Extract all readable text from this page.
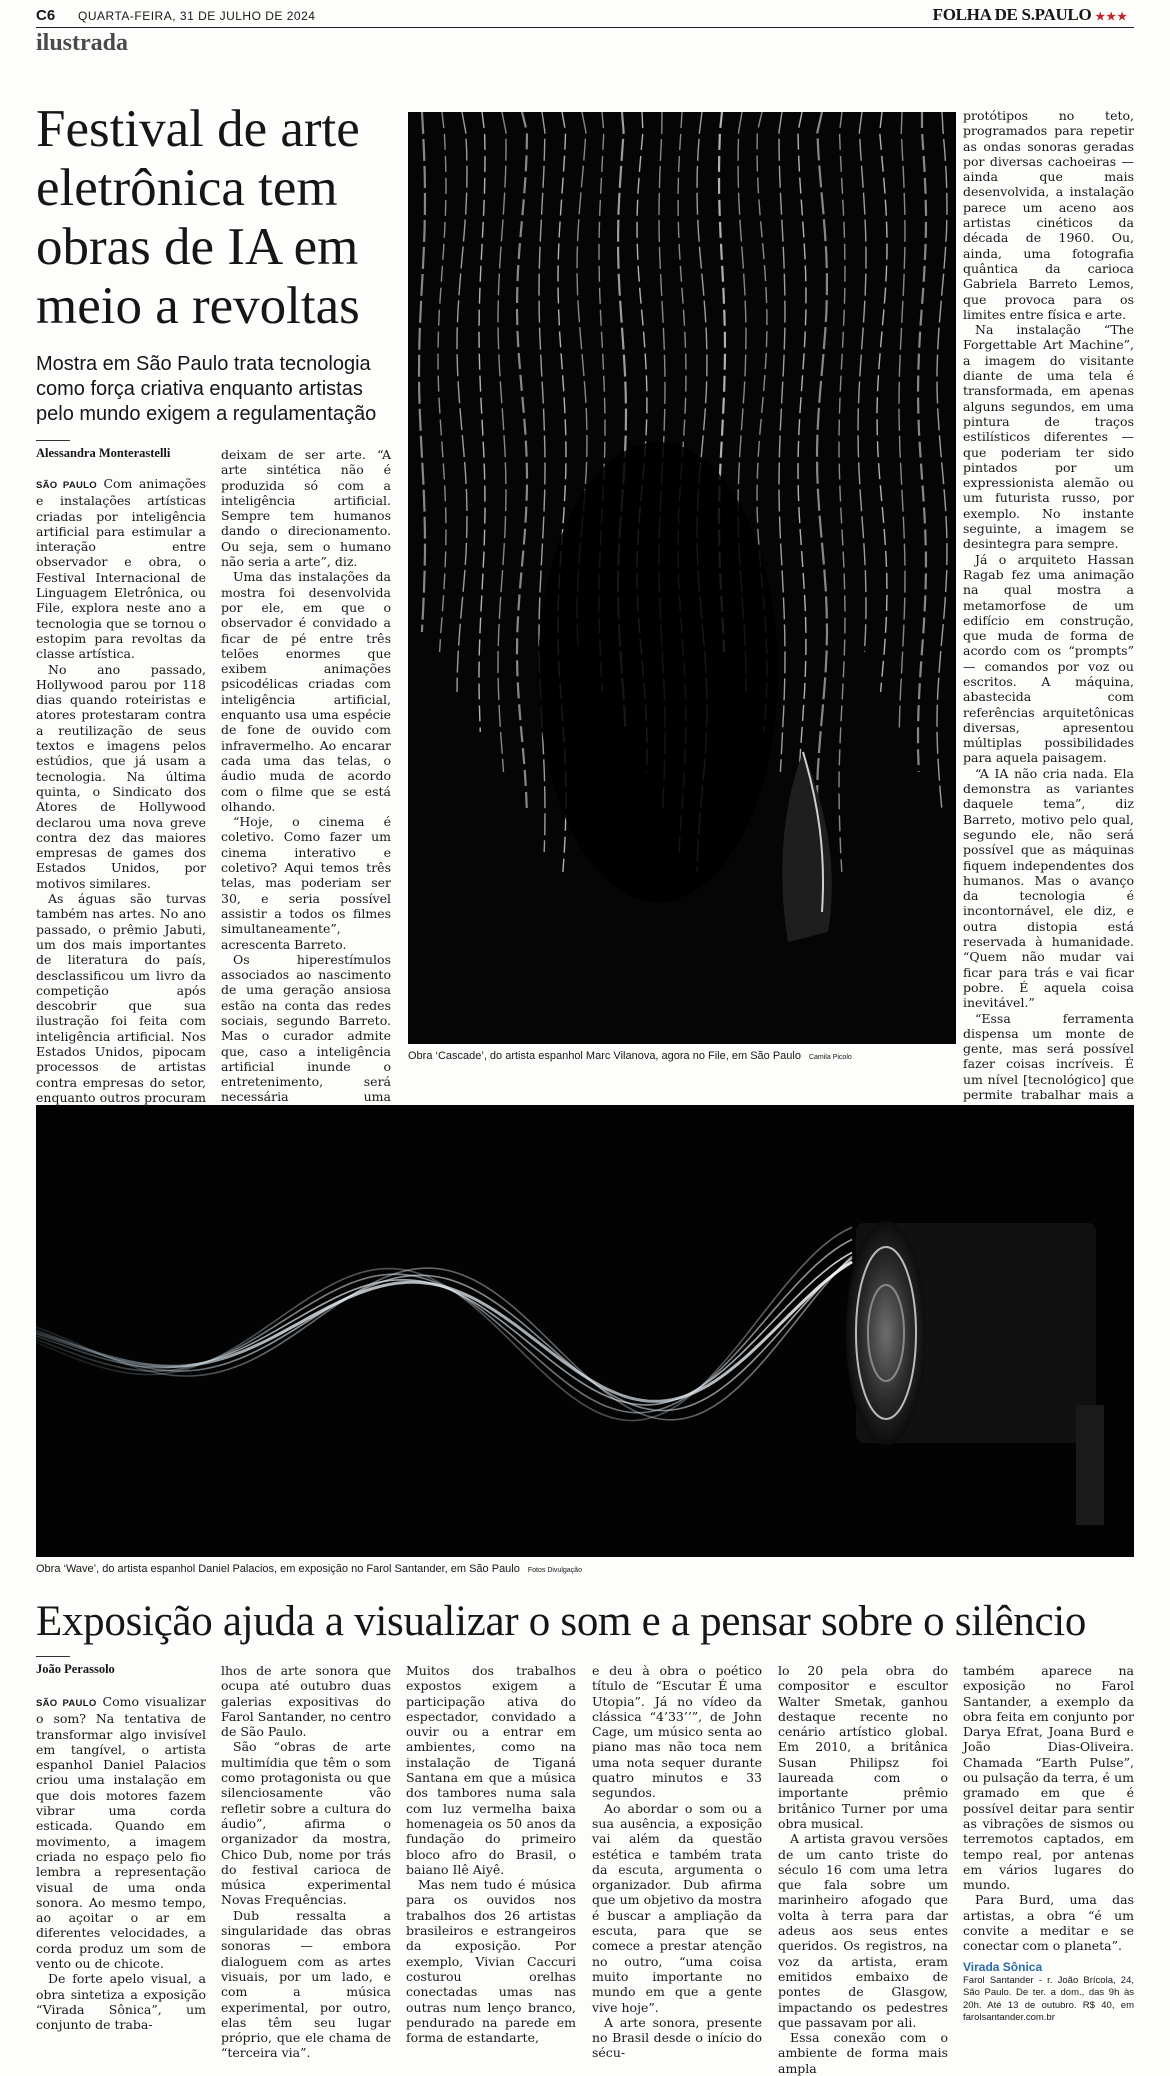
C6 QUARTA-FEIRA, 31 DE JULHO DE 2024	FOLHA DE S.PAULO ★★★
ilustrada
Festival de arte eletrônica tem obras de IA em meio a revoltas
Mostra em São Paulo trata tecnologia como força criativa enquanto artistas pelo mundo exigem a regulamentação
Alessandra Monterastelli

SÃO PAULO Com animações e instalações artísticas criadas por inteligência artificial para estimular a interação entre observador e obra, o Festival Internacional de Linguagem Eletrônica, ou File, explora neste ano a tecnologia que se tornou o estopim para revoltas da classe artística.

No ano passado, Hollywood parou por 118 dias quando roteiristas e atores protestaram contra a reutilização de seus textos e imagens pelos estúdios, que já usam a tecnologia. Na última quinta, o Sindicato dos Atores de Hollywood declarou uma nova greve contra dez das maiores empresas de games dos Estados Unidos, por motivos similares.

As águas são turvas também nas artes. No ano passado, o prêmio Jabuti, um dos mais importantes de literatura do país, desclassificou um livro da competição após descobrir que sua ilustração foi feita com inteligência artificial. Nos Estados Unidos, pipocam processos de artistas contra empresas do setor, enquanto outros procuram

deixam de ser arte. “A arte sintética não é produzida só com a inteligência artificial. Sempre tem humanos dando o direcionamento. Ou seja, sem o humano não seria a arte”, diz.

Uma das instalações da mostra foi desenvolvida por ele, em que o observador é convidado a ficar de pé entre três telões enormes que exibem animações psicodélicas criadas com inteligência artificial, enquanto usa uma espécie de fone de ouvido com infravermelho. Ao encarar cada uma das telas, o áudio muda de acordo com o filme que se está olhando.

“Hoje, o cinema é coletivo. Como fazer um cinema interativo e coletivo? Aqui temos três telas, mas poderiam ser 30, e seria possível assistir a todos os filmes simultaneamente”, acrescenta Barreto.

Os hiperestímulos associados ao nascimento de uma geração ansiosa estão na conta das redes sociais, segundo Barreto. Mas o curador admite que, caso a inteligência artificial inunde o entretenimento, será necessária uma

Obra ‘Cascade’, do artista espanhol Marc Vilanova, agora no File, em São Paulo Camila Picolo

protótipos no teto, programados para repetir as ondas sonoras geradas por diversas cachoeiras — ainda que mais desenvolvida, a instalação parece um aceno aos artistas cinéticos da década de 1960. Ou, ainda, uma fotografia quântica da carioca Gabriela Barreto Lemos, que provoca para os limites entre física e arte.

Na instalação “The Forgettable Art Machine”, a imagem do visitante diante de uma tela é transformada, em apenas alguns segundos, em uma pintura de traços estilísticos diferentes — que poderiam ter sido pintados por um expressionista alemão ou um futurista russo, por exemplo. No instante seguinte, a imagem se desintegra para sempre.

Já o arquiteto Hassan Ragab fez uma animação na qual mostra a metamorfose de um edifício em construção, que muda de forma de acordo com os “prompts” — comandos por voz ou escritos. A máquina, abastecida com referências arquitetônicas diversas, apresentou múltiplas possibilidades para aquela paisagem.

“A IA não cria nada. Ela demonstra as variantes daquele tema”, diz Barreto, motivo pelo qual, segundo ele, não será possível que as máquinas fiquem independentes dos humanos. Mas o avanço da tecnologia é incontornável, ele diz, e outra distopia está reservada à humanidade. “Quem não mudar vai ficar para trás e vai ficar pobre. É aquela coisa inevitável.”

“Essa ferramenta dispensa um monte de gente, mas será possível fazer coisas incríveis. É um nível [tecnológico] que permite trabalhar mais a

Obra ‘Wave’, do artista espanhol Daniel Palacios, em exposição no Farol Santander, em São Paulo Fotos Divulgação
Exposição ajuda a visualizar o som e a pensar sobre o silêncio
João Perassolo

SÃO PAULO Como visualizar o som? Na tentativa de transformar algo invisível em tangível, o artista espanhol Daniel Palacios criou uma instalação em que dois motores fazem vibrar uma corda esticada. Quando em movimento, a imagem criada no espaço pelo fio lembra a representação visual de uma onda sonora. Ao mesmo tempo, ao açoitar o ar em diferentes velocidades, a corda produz um som de vento ou de chicote.

De forte apelo visual, a obra sintetiza a exposição “Virada Sônica”, um conjunto de traba-

lhos de arte sonora que ocupa até outubro duas galerias expositivas do Farol Santander, no centro de São Paulo.

São “obras de arte multimídia que têm o som como protagonista ou que silenciosamente vão refletir sobre a cultura do áudio”, afirma o organizador da mostra, Chico Dub, nome por trás do festival carioca de música experimental Novas Frequências.

Dub ressalta a singularidade das obras sonoras — embora dialoguem com as artes visuais, por um lado, e com a música experimental, por outro, elas têm seu lugar próprio, que ele chama de “terceira via”.

Muitos dos trabalhos expostos exigem a participação ativa do espectador, convidado a ouvir ou a entrar em ambientes, como na instalação de Tiganá Santana em que a música dos tambores numa sala com luz vermelha baixa homenageia os 50 anos da fundação do primeiro bloco afro do Brasil, o baiano Ilê Aiyê.

Mas nem tudo é música para os ouvidos nos trabalhos dos 26 artistas brasileiros e estrangeiros da exposição. Por exemplo, Vivian Caccuri costurou orelhas conectadas umas nas outras num lenço branco, pendurado na parede em forma de estandarte,

e deu à obra o poético título de “Escutar É uma Utopia”. Já no vídeo da clássica “4’33’’”, de John Cage, um músico senta ao piano mas não toca nem uma nota sequer durante quatro minutos e 33 segundos.

Ao abordar o som ou a sua ausência, a exposição vai além da questão estética e também trata da escuta, argumenta o organizador. Dub afirma que um objetivo da mostra é buscar a ampliação da escuta, para que se comece a prestar atenção no outro, “uma coisa muito importante no mundo em que a gente vive hoje”.

A arte sonora, presente no Brasil desde o início do sécu-

lo 20 pela obra do compositor e escultor Walter Smetak, ganhou destaque recente no cenário artístico global. Em 2010, a britânica Susan Philipsz foi laureada com o importante prêmio britânico Turner por uma obra musical.

A artista gravou versões de um canto triste do século 16 com uma letra que fala sobre um marinheiro afogado que volta à terra para dar adeus aos seus entes queridos. Os registros, na voz da artista, eram emitidos embaixo de pontes de Glasgow, impactando os pedestres que passavam por ali.

Essa conexão com o ambiente de forma mais ampla

também aparece na exposição no Farol Santander, a exemplo da obra feita em conjunto por Darya Efrat, Joana Burd e João Dias-Oliveira. Chamada “Earth Pulse”, ou pulsação da terra, é um gramado em que é possível deitar para sentir as vibrações de sismos ou terremotos captados, em tempo real, por antenas em vários lugares do mundo.

Para Burd, uma das artistas, a obra “é um convite a meditar e se conectar com o planeta”.

Virada Sônica
Farol Santander - r. João Brícola, 24, São Paulo. De ter. a dom., das 9h às 20h. Até 13 de outubro. R$ 40, em farolsantander.com.br
